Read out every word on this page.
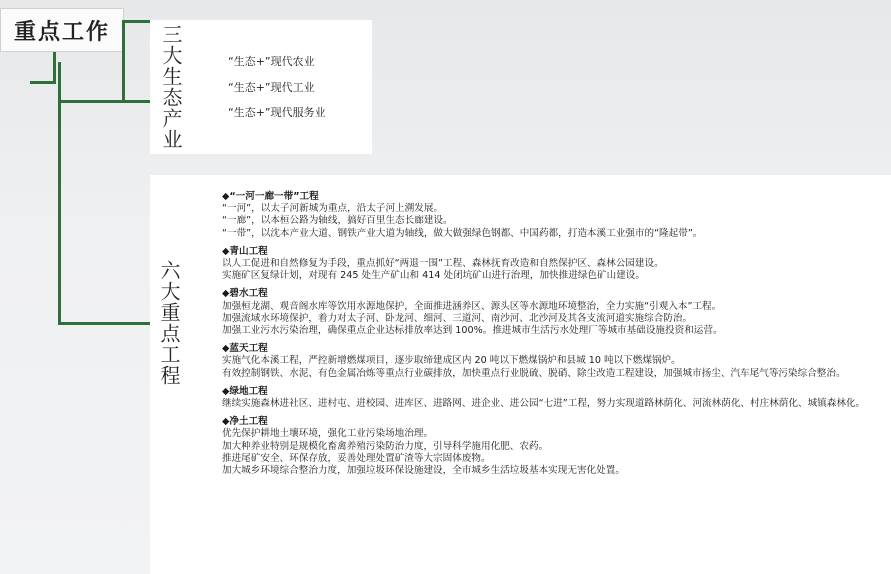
重点工作	三大生态产业
六大重点工程
“生态+”现代农业
“生态+”现代工业
“生态+”现代服务业
◆“一河一廊一带”工程
“一河”，以太子河新城为重点，沿太子河上溯发展。
“一廊”，以本桓公路为轴线，搞好百里生态长廊建设。
“一带”，以沈本产业大道、钢铁产业大道为轴线，做大做强绿色钢都、中国药都，打造本溪工业强市的“隆起带”。
◆青山工程
以人工促进和自然修复为手段，重点抓好“两退一围”工程、森林抚育改造和自然保护区、森林公园建设。
实施矿区复绿计划，对现有 245 处生产矿山和 414 处闭坑矿山进行治理，加快推进绿色矿山建设。
◆碧水工程
加强桓龙湖、观音阁水库等饮用水源地保护，全面推进涵养区、源头区等水源地环境整治，全力实施“引观入本”工程。
加强流域水环境保护，着力对太子河、卧龙河、细河、三道河、南沙河、北沙河及其各支流河道实施综合防治。
加强工业污水污染治理，确保重点企业达标排放率达到 100%。推进城市生活污水处理厂等城市基础设施投资和运营。
◆蓝天工程
实施气化本溪工程，严控新增燃煤项目，逐步取缔建成区内 20 吨以下燃煤锅炉和县城 10 吨以下燃煤锅炉。
有效控制钢铁、水泥、有色金属冶炼等重点行业碳排放，加快重点行业脱硫、脱硝、除尘改造工程建设，加强城市扬尘、汽车尾气等污染综合整治。
◆绿地工程
继续实施森林进社区、进村屯、进校园、进库区、进路网、进企业、进公园“七进”工程，努力实现道路林荫化、河流林荫化、村庄林荫化、城镇森林化。
◆净土工程
优先保护耕地土壤环境，强化工业污染场地治理。
加大种养业特别是规模化畜禽养殖污染防治力度，引导科学施用化肥、农药。
推进尾矿安全、环保存放，妥善处理处置矿渣等大宗固体废物。
加大城乡环境综合整治力度，加强垃圾环保设施建设，全市城乡生活垃圾基本实现无害化处置。
